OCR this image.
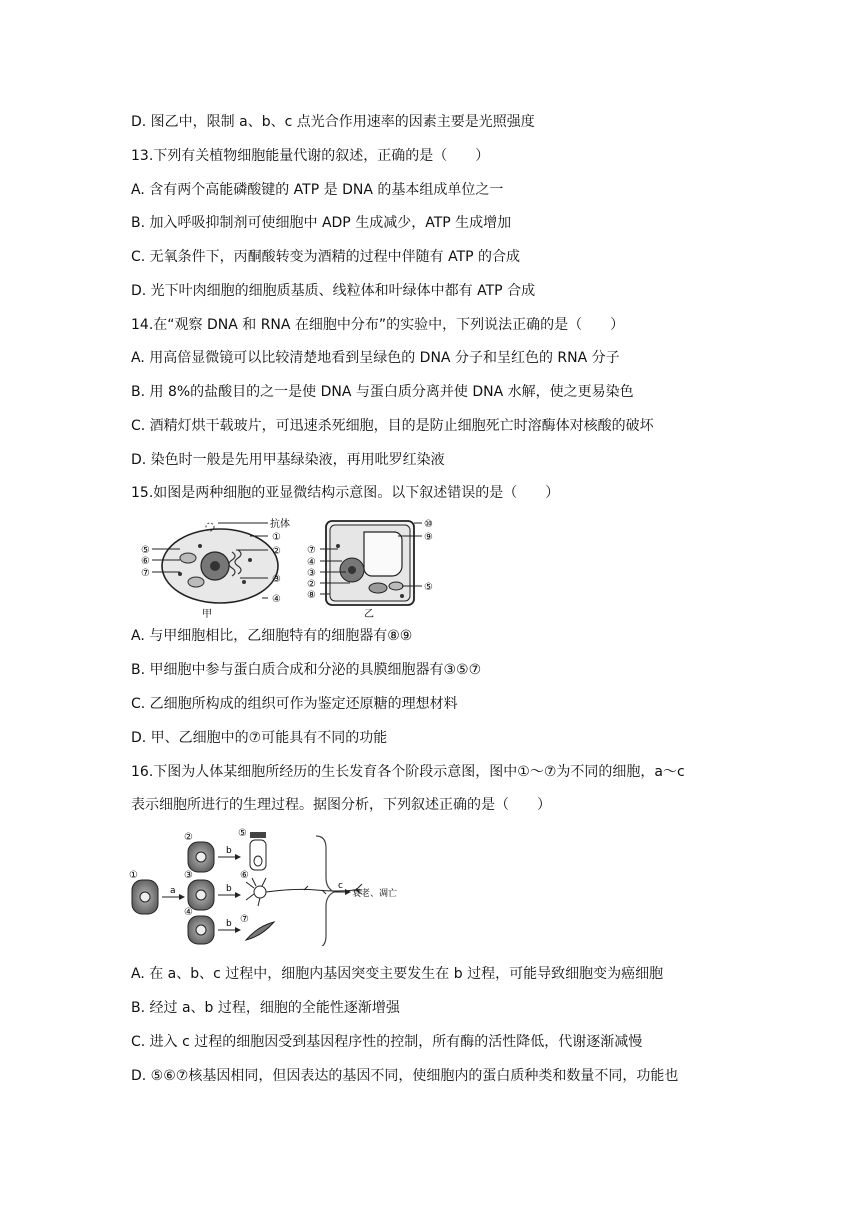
D. 图乙中，限制 a、b、c 点光合作用速率的因素主要是光照强度
13.下列有关植物细胞能量代谢的叙述，正确的是（　　）
A. 含有两个高能磷酸键的 ATP 是 DNA 的基本组成单位之一
B. 加入呼吸抑制剂可使细胞中 ADP 生成减少，ATP 生成增加
C. 无氧条件下，丙酮酸转变为酒精的过程中伴随有 ATP 的合成
D. 光下叶肉细胞的细胞质基质、线粒体和叶绿体中都有 ATP 合成
14.在“观察 DNA 和 RNA 在细胞中分布”的实验中，下列说法正确的是（　　）
A. 用高倍显微镜可以比较清楚地看到呈绿色的 DNA 分子和呈红色的 RNA 分子
B. 用 8%的盐酸目的之一是使 DNA 与蛋白质分离并使 DNA 水解，使之更易染色
C. 酒精灯烘干载玻片，可迅速杀死细胞，目的是防止细胞死亡时溶酶体对核酸的破坏
D. 染色时一般是先用甲基绿染液，再用吡罗红染液
15.如图是两种细胞的亚显微结构示意图。以下叙述错误的是（　　）
抗体
①
②
③
④
⑤
⑥
⑦
甲
⑩
⑨
⑤
⑦
④
③
②
⑧
乙
A. 与甲细胞相比，乙细胞特有的细胞器有⑧⑨
B. 甲细胞中参与蛋白质合成和分泌的具膜细胞器有③⑤⑦
C. 乙细胞所构成的组织可作为鉴定还原糖的理想材料
D. 甲、乙细胞中的⑦可能具有不同的功能
16.下图为人体某细胞所经历的生长发育各个阶段示意图，图中①～⑦为不同的细胞，a～c
表示细胞所进行的生理过程。据图分析，下列叙述正确的是（　　）
①
a
②
③
④
b
b
b
⑤
⑥
⑦
c
衰老、凋亡
A. 在 a、b、c 过程中，细胞内基因突变主要发生在 b 过程，可能导致细胞变为癌细胞
B. 经过 a、b 过程，细胞的全能性逐渐增强
C. 进入 c 过程的细胞因受到基因程序性的控制，所有酶的活性降低，代谢逐渐减慢
D. ⑤⑥⑦核基因相同，但因表达的基因不同，使细胞内的蛋白质种类和数量不同，功能也
